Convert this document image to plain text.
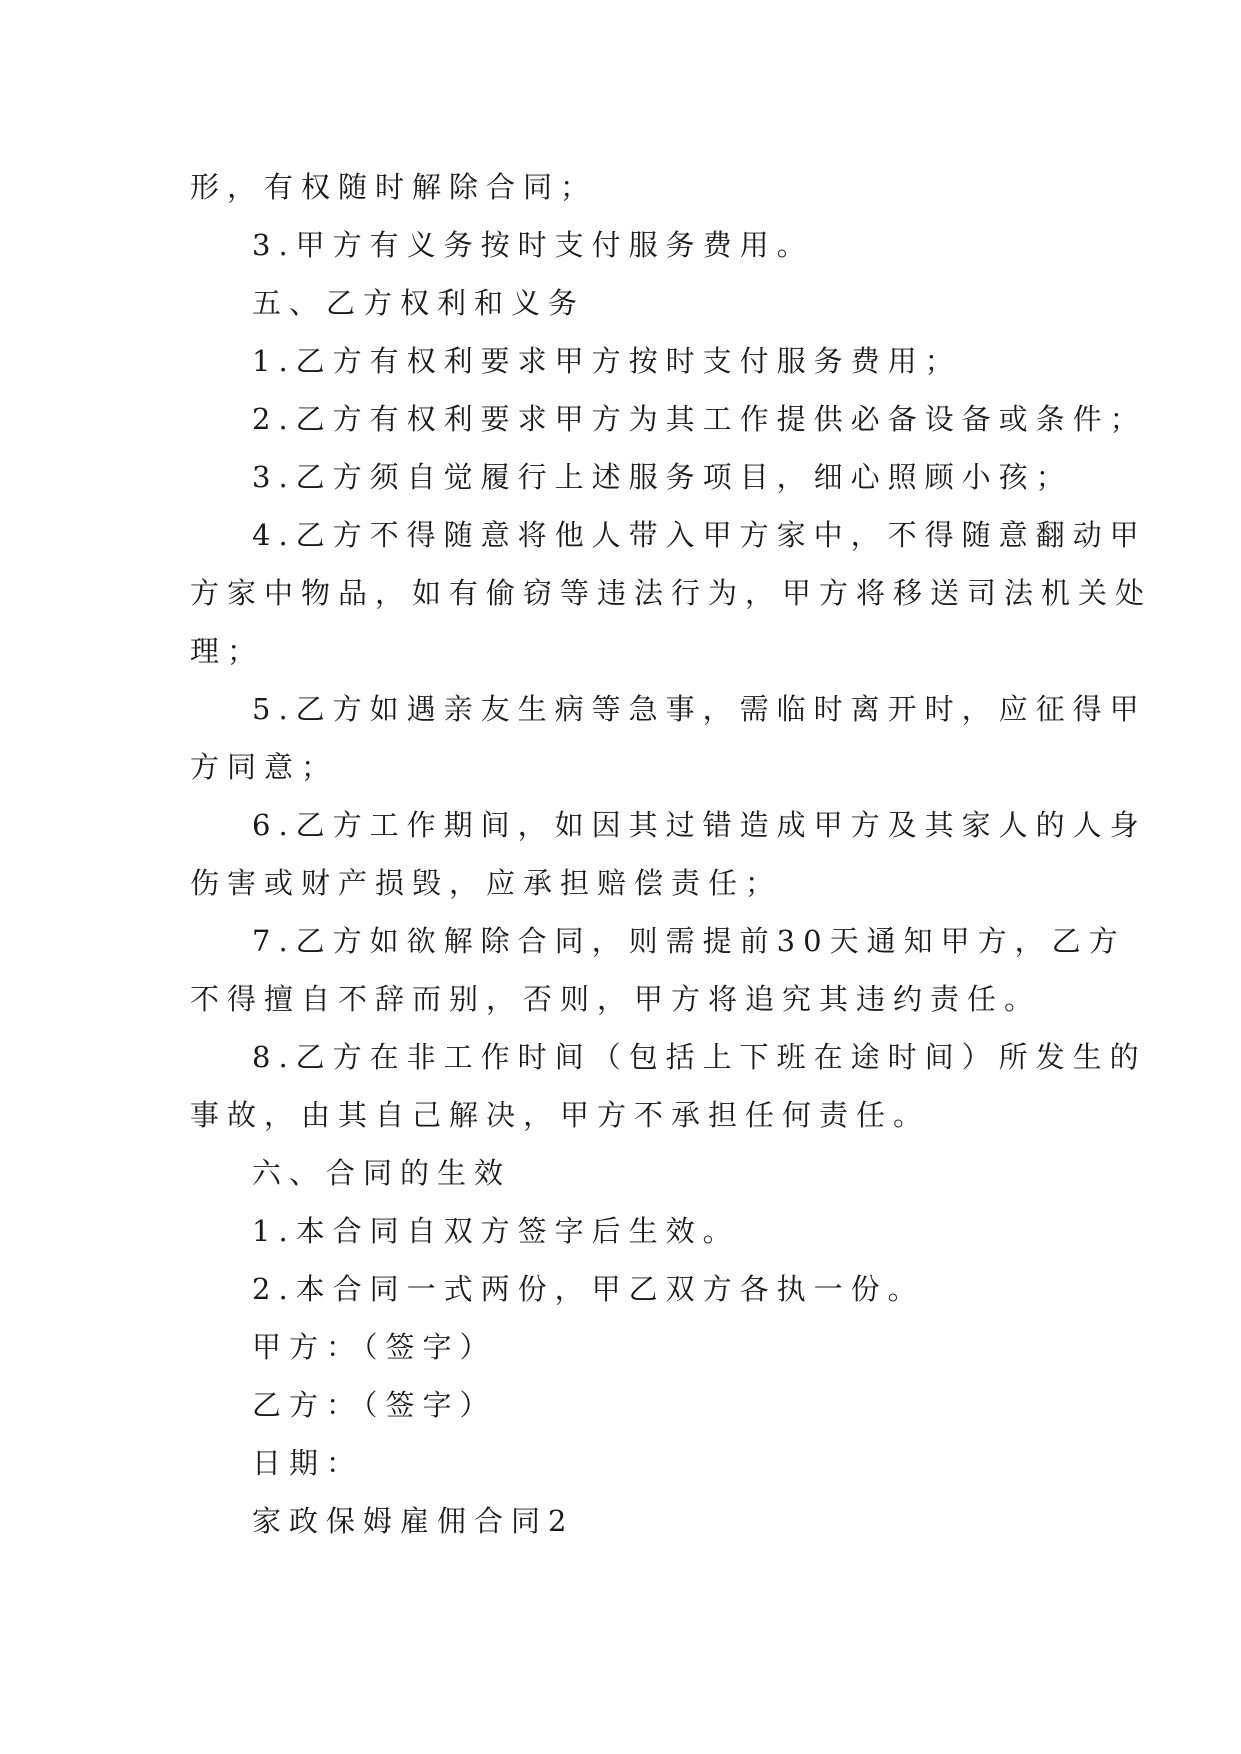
形，有权随时解除合同；
3.甲方有义务按时支付服务费用。
五、乙方权利和义务
1.乙方有权利要求甲方按时支付服务费用；
2.乙方有权利要求甲方为其工作提供必备设备或条件；
3.乙方须自觉履行上述服务项目，细心照顾小孩；
4.乙方不得随意将他人带入甲方家中，不得随意翻动甲
方家中物品，如有偷窃等违法行为，甲方将移送司法机关处
理；
5.乙方如遇亲友生病等急事，需临时离开时，应征得甲
方同意；
6.乙方工作期间，如因其过错造成甲方及其家人的人身
伤害或财产损毁，应承担赔偿责任；
7.乙方如欲解除合同，则需提前30天通知甲方，乙方
不得擅自不辞而别，否则，甲方将追究其违约责任。
8.乙方在非工作时间（包括上下班在途时间）所发生的
事故，由其自己解决，甲方不承担任何责任。
六、合同的生效
1.本合同自双方签字后生效。
2.本合同一式两份，甲乙双方各执一份。
甲方：（签字）
乙方：（签字）
日期：
家政保姆雇佣合同2
